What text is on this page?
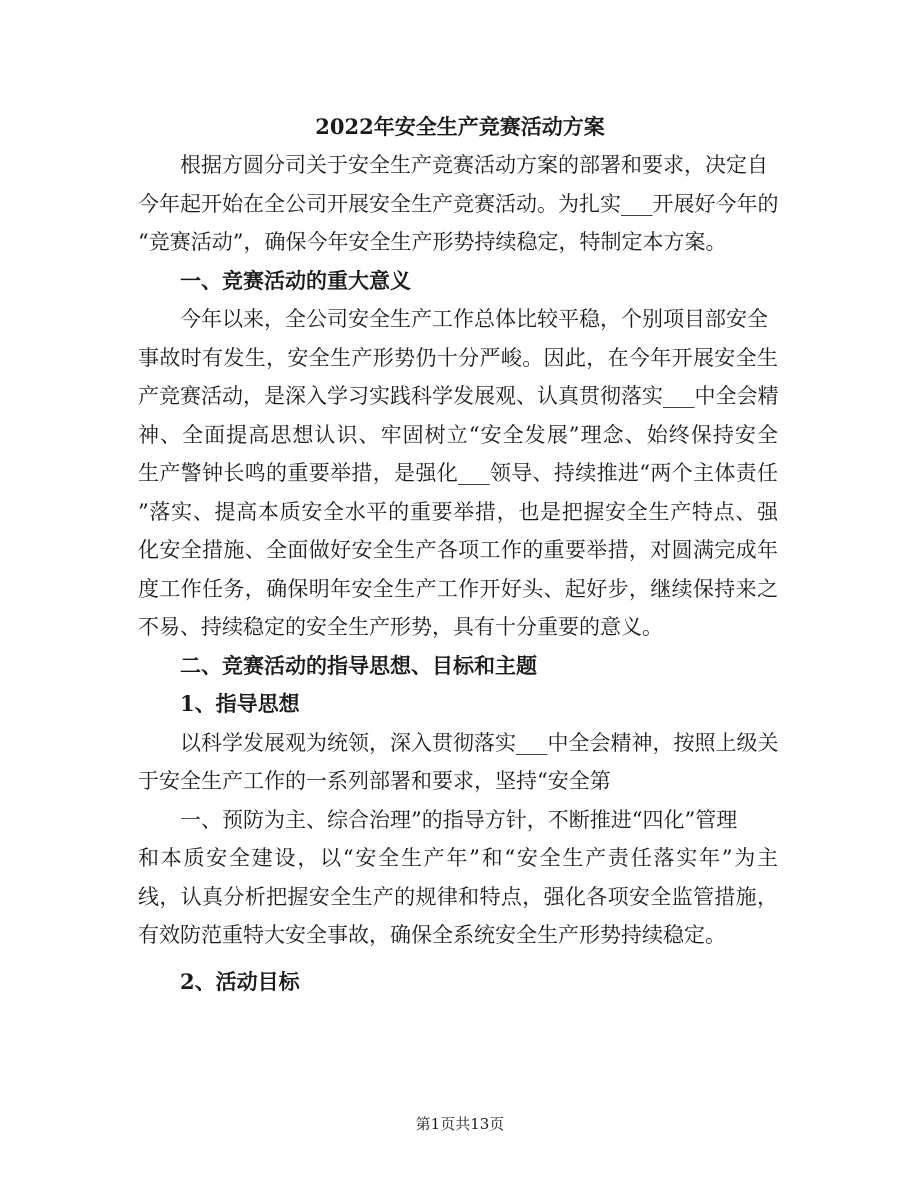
2022年安全生产竞赛活动方案
根据方圆分司关于安全生产竞赛活动方案的部署和要求，决定自
今年起开始在全公司开展安全生产竞赛活动。为扎实___开展好今年的
“竞赛活动”，确保今年安全生产形势持续稳定，特制定本方案。
一、竞赛活动的重大意义
今年以来，全公司安全生产工作总体比较平稳，个别项目部安全
事故时有发生，安全生产形势仍十分严峻。因此，在今年开展安全生
产竞赛活动，是深入学习实践科学发展观、认真贯彻落实___中全会精
神、全面提高思想认识、牢固树立“安全发展”理念、始终保持安全
生产警钟长鸣的重要举措，是强化___领导、持续推进“两个主体责任
”落实、提高本质安全水平的重要举措，也是把握安全生产特点、强
化安全措施、全面做好安全生产各项工作的重要举措，对圆满完成年
度工作任务，确保明年安全生产工作开好头、起好步，继续保持来之
不易、持续稳定的安全生产形势，具有十分重要的意义。
二、竞赛活动的指导思想、目标和主题
1、指导思想
以科学发展观为统领，深入贯彻落实___中全会精神，按照上级关
于安全生产工作的一系列部署和要求，坚持“安全第
一、预防为主、综合治理”的指导方针，不断推进“四化”管理
和本质安全建设，以“安全生产年”和“安全生产责任落实年”为主
线，认真分析把握安全生产的规律和特点，强化各项安全监管措施，
有效防范重特大安全事故，确保全系统安全生产形势持续稳定。
2、活动目标

第1页共13页
